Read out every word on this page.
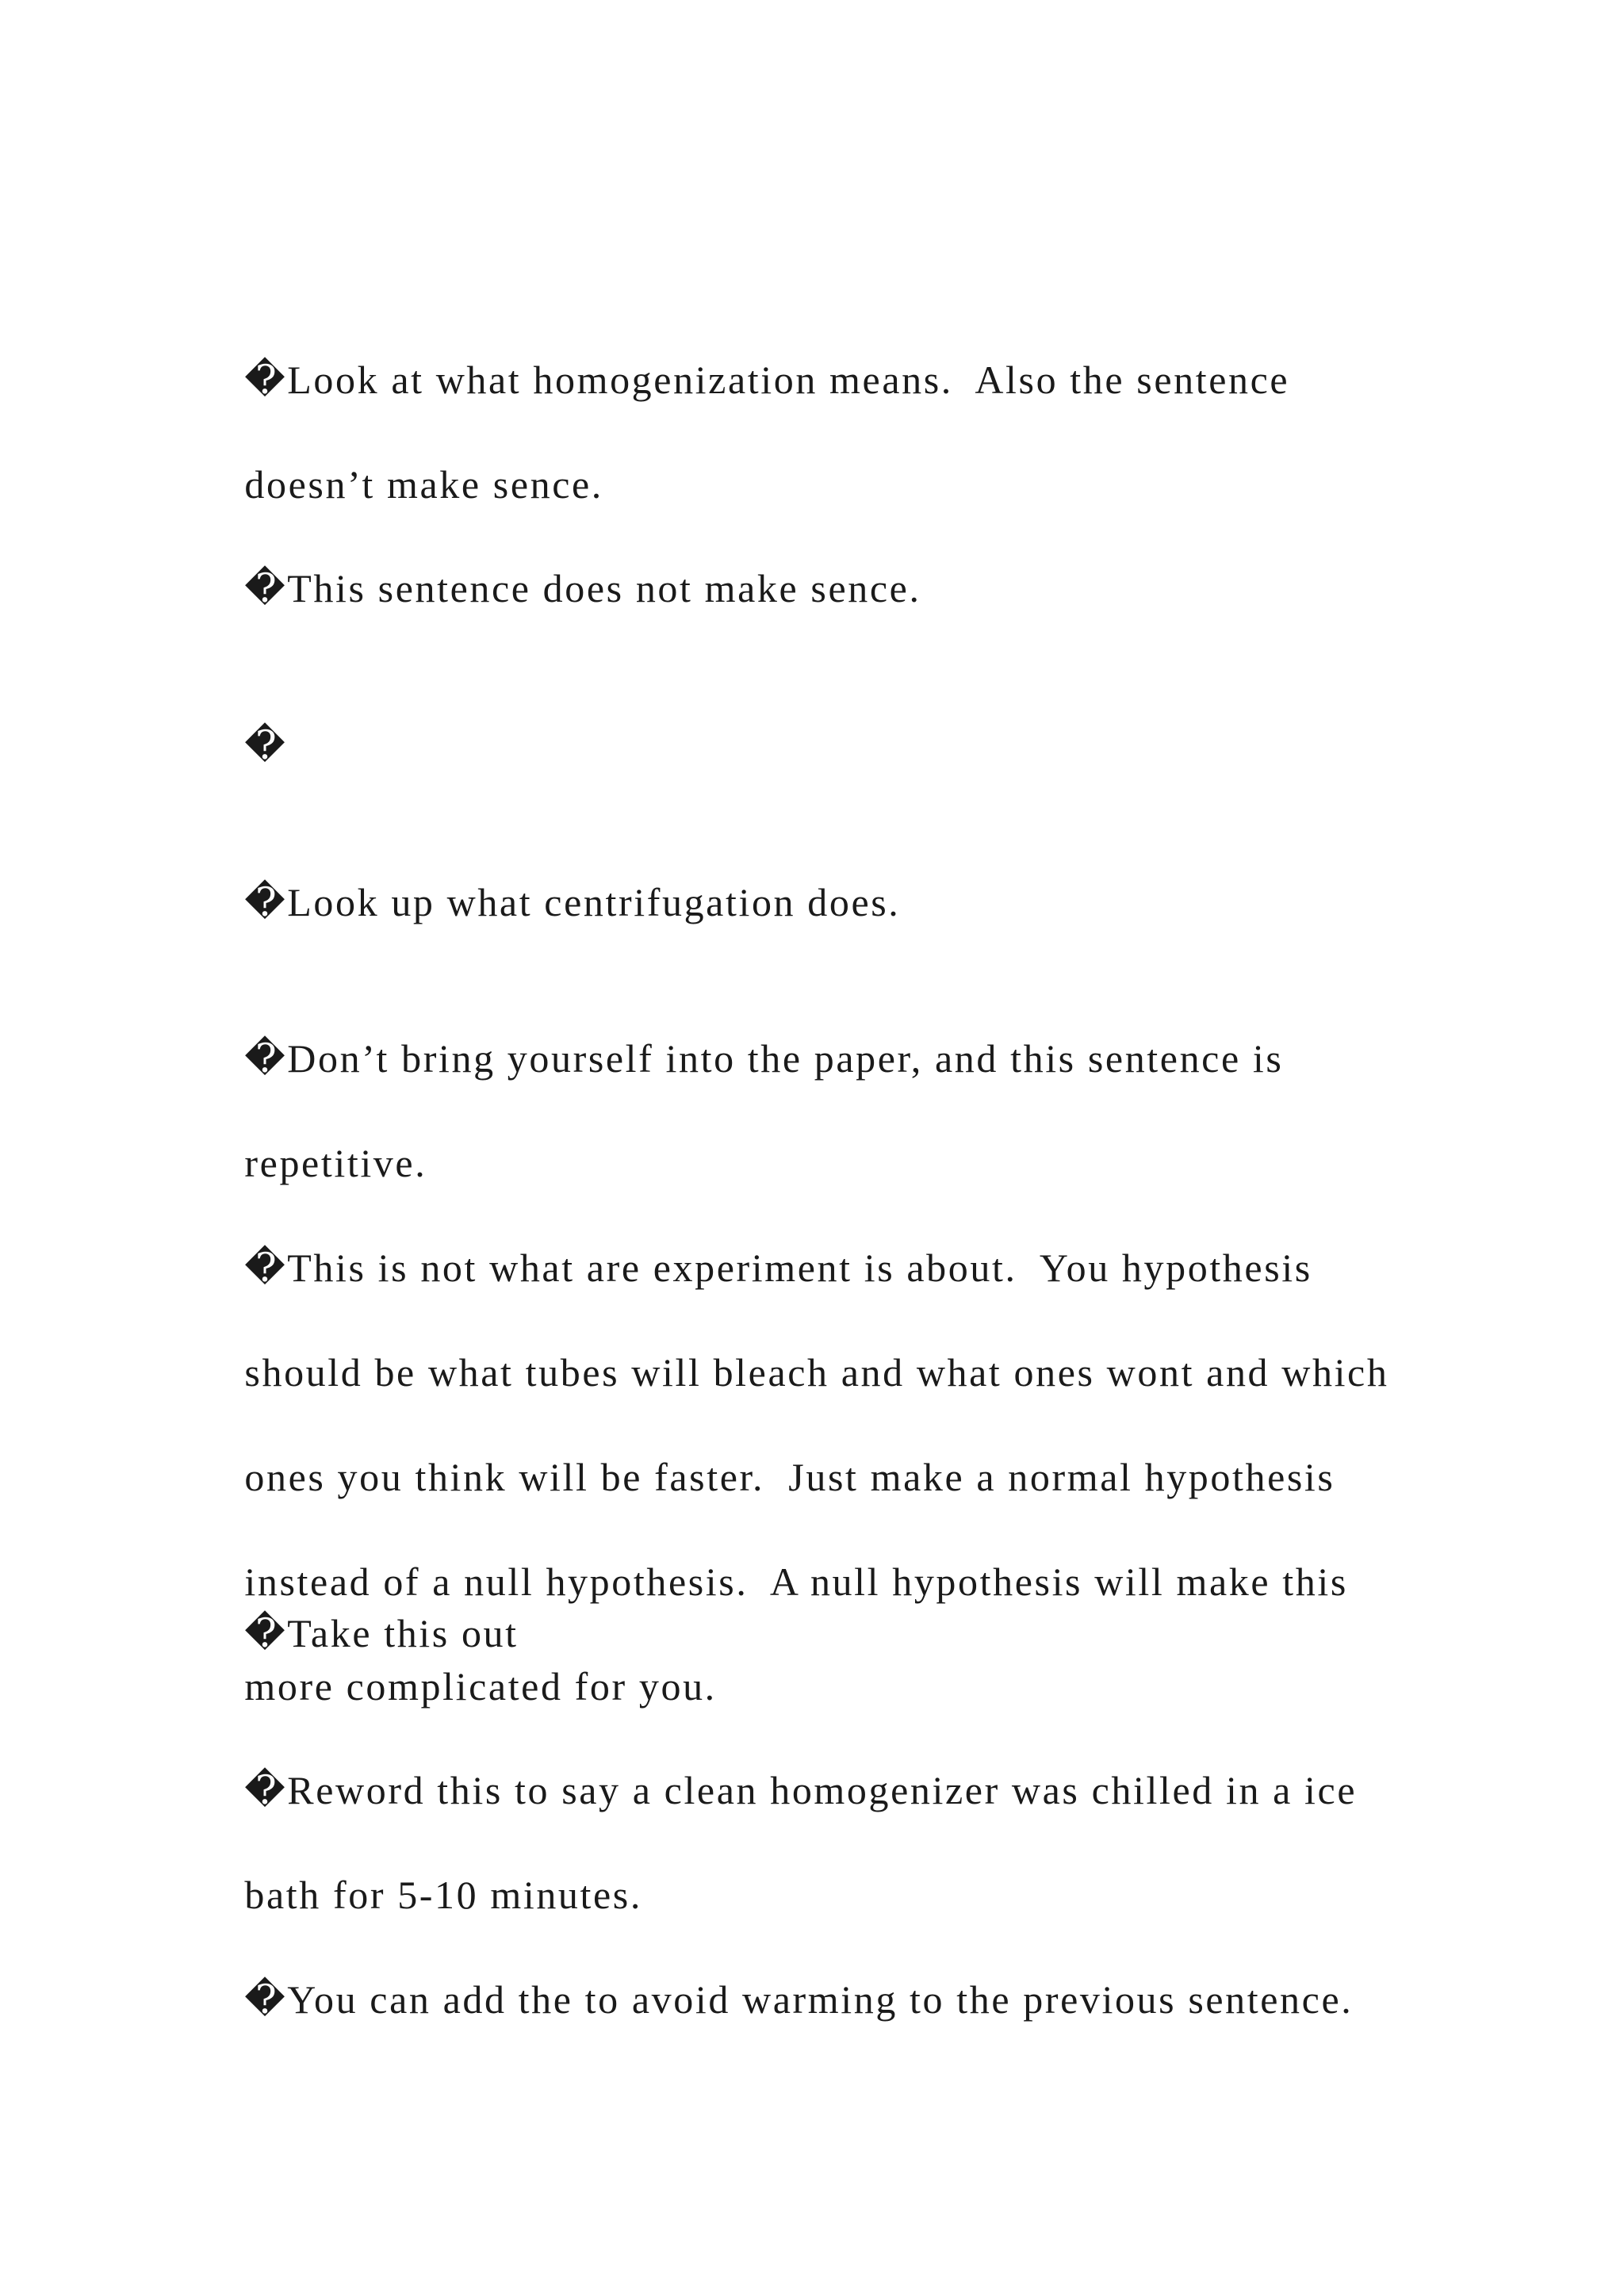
�Look at what homogenization means.  Also the sentence

doesn’t make sence.

�This sentence does not make sence.

�

�Look up what centrifugation does.

�Don’t bring yourself into the paper, and this sentence is

repetitive.

�This is not what are experiment is about.  You hypothesis

should be what tubes will bleach and what ones wont and which

ones you think will be faster.  Just make a normal hypothesis

instead of a null hypothesis.  A null hypothesis will make this

more complicated for you.

�Take this out

�Reword this to say a clean homogenizer was chilled in a ice

bath for 5-10 minutes.

�You can add the to avoid warming to the previous sentence.
